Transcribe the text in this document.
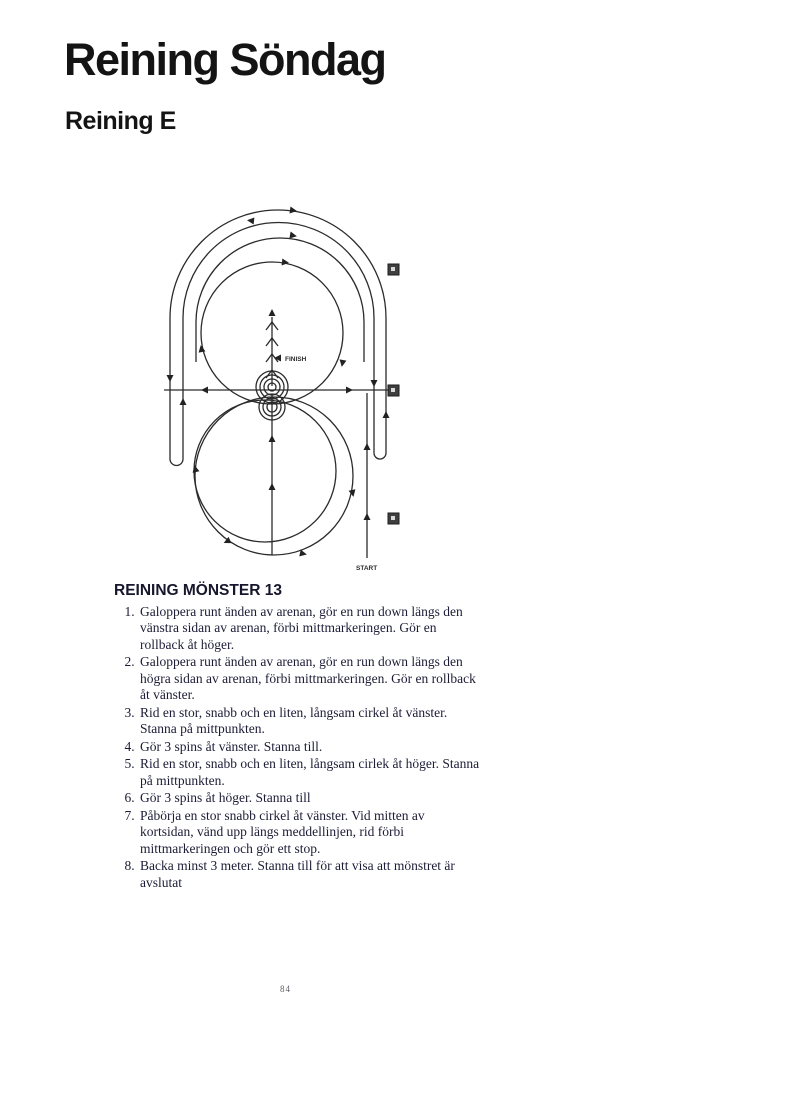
Reining Söndag
Reining E
FINISH
START
REINING MÖNSTER 13
1. Galoppera runt änden av arenan, gör en run down längs den vänstra sidan av arenan, förbi mittmarkeringen. Gör en rollback åt höger.
2. Galoppera runt änden av arenan, gör en run down längs den högra sidan av arenan, förbi mittmarkeringen. Gör en rollback åt vänster.
3. Rid en stor, snabb och en liten, långsam cirkel åt vänster. Stanna på mittpunkten.
4. Gör 3 spins åt vänster. Stanna till.
5. Rid en stor, snabb och en liten, långsam cirlek åt höger. Stanna på mittpunkten.
6. Gör 3 spins åt höger. Stanna till
7. Påbörja en stor snabb cirkel åt vänster. Vid mitten av kortsidan, vänd upp längs meddellinjen, rid förbi mittmarkeringen och gör ett stop.
8. Backa minst 3 meter. Stanna till för att visa att mönstret är avslutat
84
